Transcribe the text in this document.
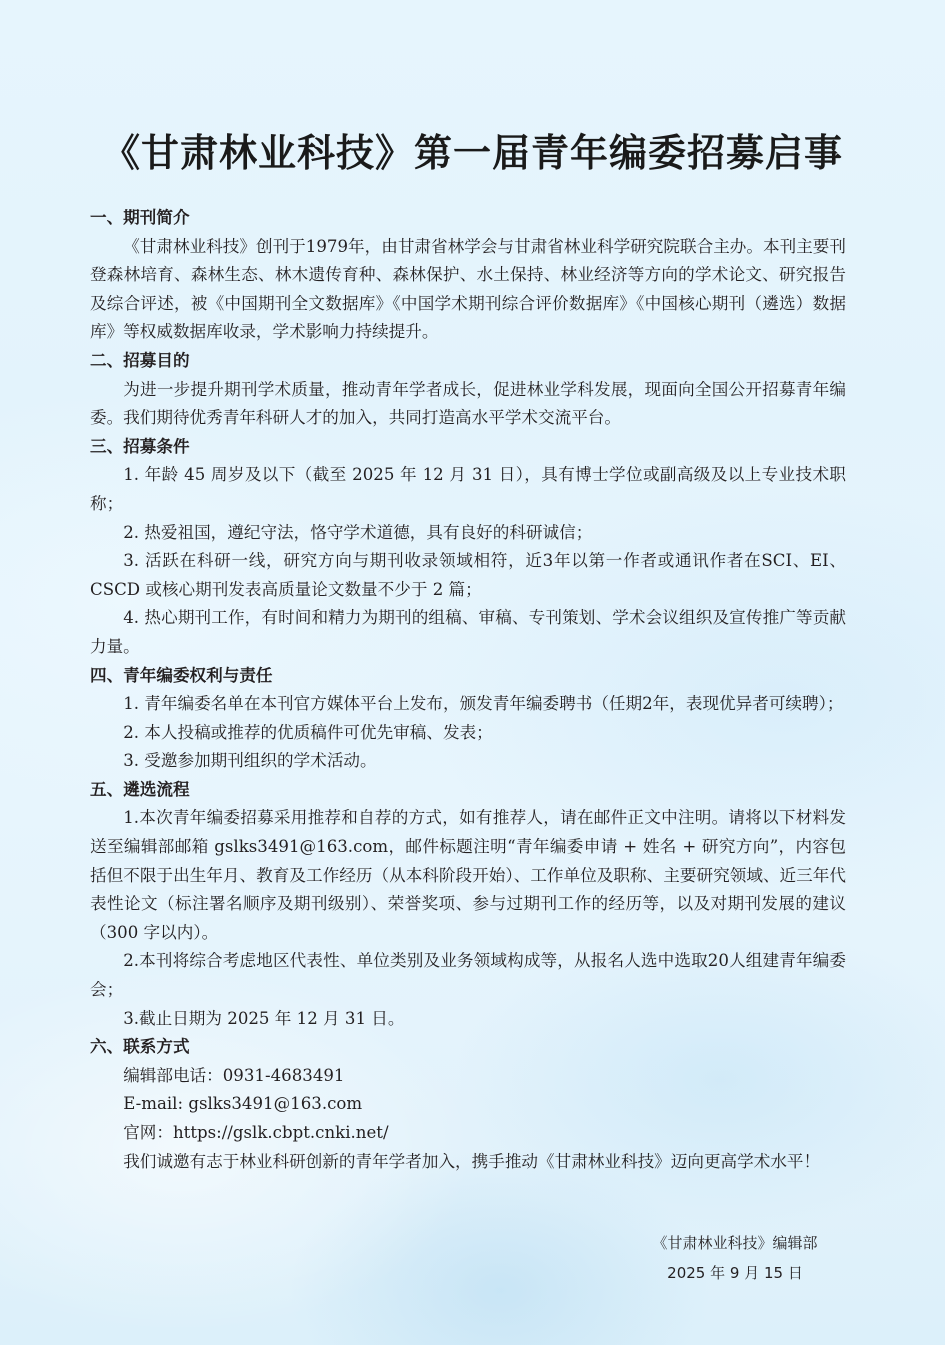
《甘肃林业科技》第一届青年编委招募启事
一、期刊简介

《甘肃林业科技》创刊于1979年，由甘肃省林学会与甘肃省林业科学研究院联合主办。本刊主要刊登森林培育、森林生态、林木遗传育种、森林保护、水土保持、林业经济等方向的学术论文、研究报告及综合评述，被《中国期刊全文数据库》《中国学术期刊综合评价数据库》《中国核心期刊（遴选）数据库》等权威数据库收录，学术影响力持续提升。

二、招募目的

为进一步提升期刊学术质量，推动青年学者成长，促进林业学科发展，现面向全国公开招募青年编委。我们期待优秀青年科研人才的加入，共同打造高水平学术交流平台。

三、招募条件

1. 年龄 45 周岁及以下（截至 2025 年 12 月 31 日），具有博士学位或副高级及以上专业技术职称；

2. 热爱祖国，遵纪守法，恪守学术道德，具有良好的科研诚信；

3. 活跃在科研一线，研究方向与期刊收录领域相符，近3年以第一作者或通讯作者在SCI、EI、CSCD 或核心期刊发表高质量论文数量不少于 2 篇；

4. 热心期刊工作，有时间和精力为期刊的组稿、审稿、专刊策划、学术会议组织及宣传推广等贡献力量。

四、青年编委权利与责任

1. 青年编委名单在本刊官方媒体平台上发布，颁发青年编委聘书（任期2年，表现优异者可续聘）；

2. 本人投稿或推荐的优质稿件可优先审稿、发表；

3. 受邀参加期刊组织的学术活动。

五、遴选流程

1.本次青年编委招募采用推荐和自荐的方式，如有推荐人，请在邮件正文中注明。请将以下材料发送至编辑部邮箱 gslks3491@163.com，邮件标题注明“青年编委申请 + 姓名 + 研究方向”，内容包括但不限于出生年月、教育及工作经历（从本科阶段开始）、工作单位及职称、主要研究领域、近三年代表性论文（标注署名顺序及期刊级别）、荣誉奖项、参与过期刊工作的经历等，以及对期刊发展的建议（300 字以内）。

2.本刊将综合考虑地区代表性、单位类别及业务领域构成等，从报名人选中选取20人组建青年编委会；

3.截止日期为 2025 年 12 月 31 日。

六、联系方式
编辑部电话：0931-4683491
E-mail: gslks3491@163.com
官网：https://gslk.cbpt.cnki.net/

我们诚邀有志于林业科研创新的青年学者加入，携手推动《甘肃林业科技》迈向更高学术水平！

《甘肃林业科技》编辑部
2025 年 9 月 15 日
